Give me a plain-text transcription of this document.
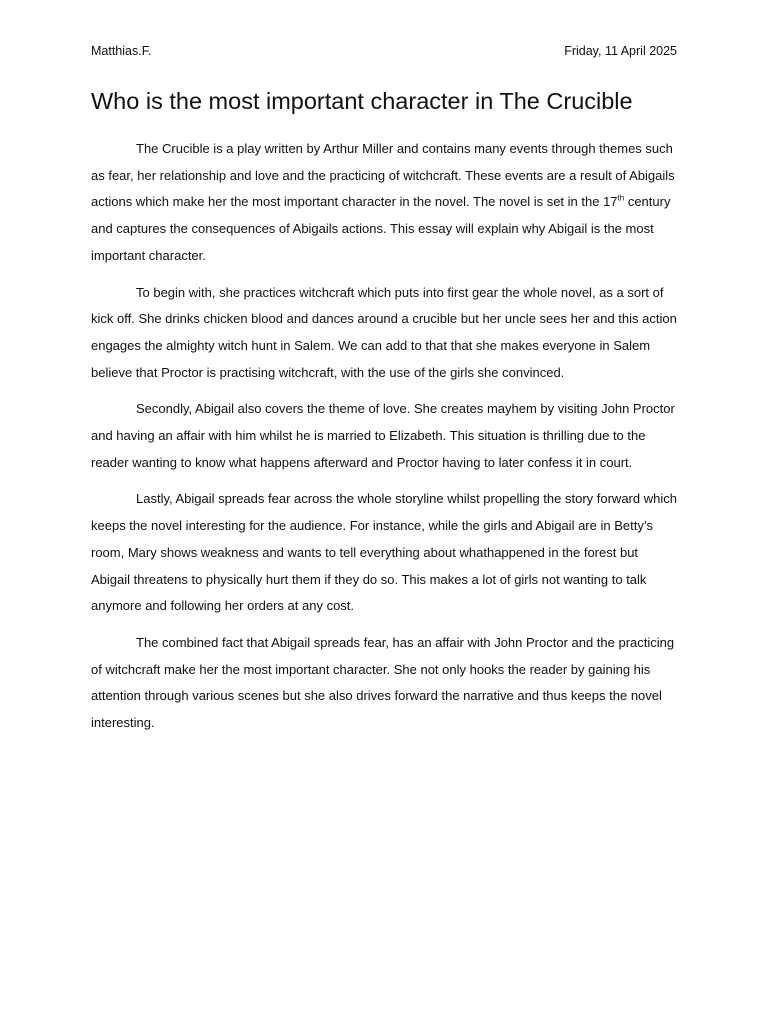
Matthias.F.	Friday, 11 April 2025
Who is the most important character in The Crucible

The Crucible is a play written by Arthur Miller and contains many events through themes such as fear, her relationship and love and the practicing of witchcraft. These events are a result of Abigails actions which make her the most important character in the novel. The novel is set in the 17th century and captures the consequences of Abigails actions. This essay will explain why Abigail is the most important character.

To begin with, she practices witchcraft which puts into first gear the whole novel, as a sort of kick off. She drinks chicken blood and dances around a crucible but her uncle sees her and this action engages the almighty witch hunt in Salem. We can add to that that she makes everyone in Salem believe that Proctor is practising witchcraft, with the use of the girls she convinced.

Secondly, Abigail also covers the theme of love. She creates mayhem by visiting John Proctor and having an affair with him whilst he is married to Elizabeth. This situation is thrilling due to the reader wanting to know what happens afterward and Proctor having to later confess it in court.

Lastly, Abigail spreads fear across the whole storyline whilst propelling the story forward which keeps the novel interesting for the audience. For instance, while the girls and Abigail are in Betty’s room, Mary shows weakness and wants to tell everything about whathappened in the forest but Abigail threatens to physically hurt them if they do so. This makes a lot of girls not wanting to talk anymore and following her orders at any cost.

The combined fact that Abigail spreads fear, has an affair with John Proctor and the practicing of witchcraft make her the most important character. She not only hooks the reader by gaining his attention through various scenes but she also drives forward the narrative and thus keeps the novel interesting.
